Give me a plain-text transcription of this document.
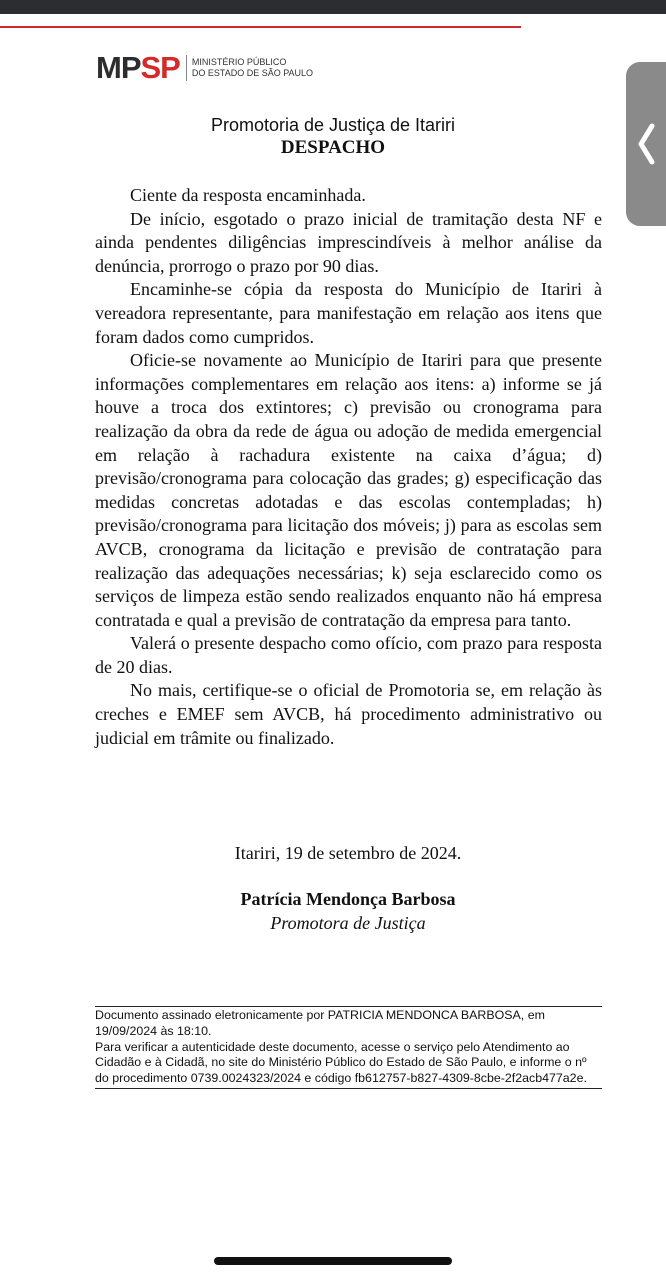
MP SP MINISTÉRIO PÚBLICO
DO ESTADO DE SÃO PAULO
Promotoria de Justiça de Itariri
DESPACHO

Ciente da resposta encaminhada.

De início, esgotado o prazo inicial de tramitação desta NF e ainda pendentes diligências imprescindíveis à melhor análise da denúncia, prorrogo o prazo por 90 dias.

Encaminhe-se cópia da resposta do Município de Itariri à vereadora representante, para manifestação em relação aos itens que foram dados como cumpridos.

Oficie-se novamente ao Município de Itariri para que presente informações complementares em relação aos itens: a) informe se já houve a troca dos extintores; c) previsão ou cronograma para realização da obra da rede de água ou adoção de medida emergencial em relação à rachadura existente na caixa d’água; d) previsão/cronograma para colocação das grades; g) especificação das medidas concretas adotadas e das escolas contempladas; h) previsão/cronograma para licitação dos móveis; j) para as escolas sem AVCB, cronograma da licitação e previsão de contratação para realização das adequações necessárias; k) seja esclarecido como os serviços de limpeza estão sendo realizados enquanto não há empresa contratada e qual a previsão de contratação da empresa para tanto.

Valerá o presente despacho como ofício, com prazo para resposta de 20 dias.

No mais, certifique-se o oficial de Promotoria se, em relação às creches e EMEF sem AVCB, há procedimento administrativo ou judicial em trâmite ou finalizado.

Itariri, 19 de setembro de 2024.
Patrícia Mendonça Barbosa
Promotora de Justiça
Documento assinado eletronicamente por PATRICIA MENDONCA BARBOSA, em 19/09/2024 às 18:10.
Para verificar a autenticidade deste documento, acesse o serviço pelo Atendimento ao Cidadão e à Cidadã, no site do Ministério Público do Estado de São Paulo, e informe o nº do procedimento 0739.0024323/2024 e código fb612757-b827-4309-8cbe-2f2acb477a2e.
